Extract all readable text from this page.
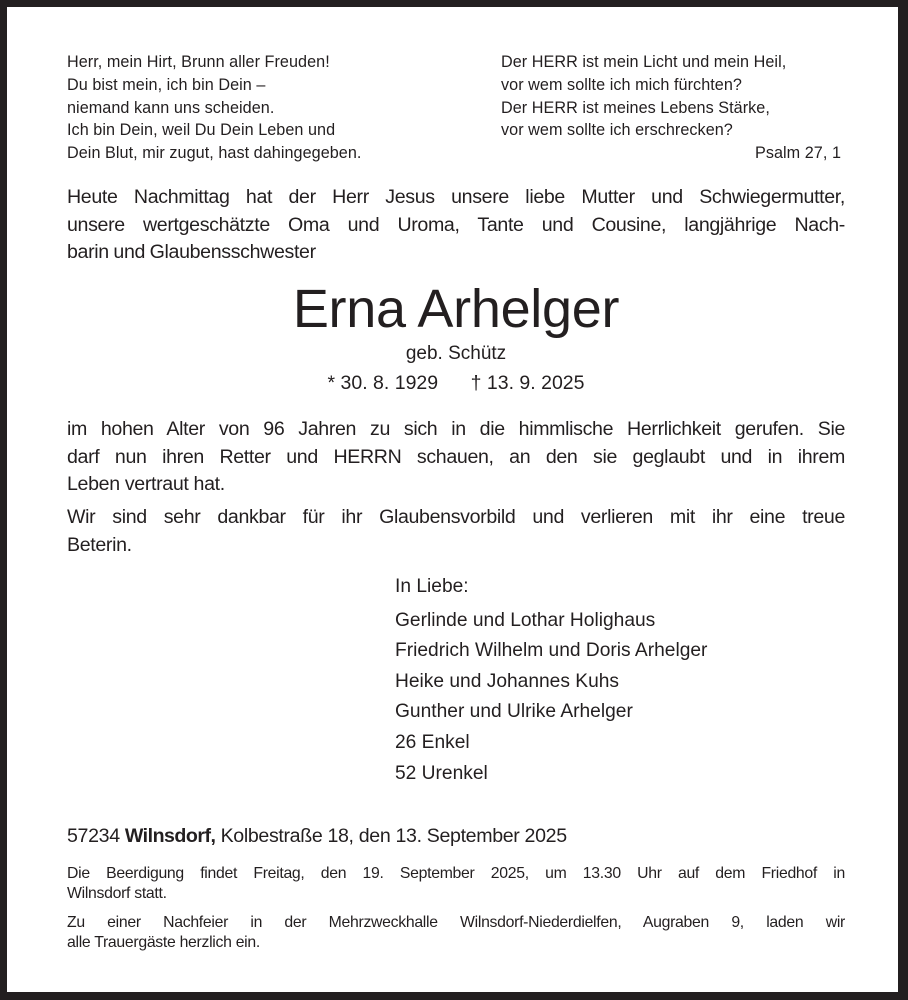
Herr, mein Hirt, Brunn aller Freuden!
Du bist mein, ich bin Dein –
niemand kann uns scheiden.
Ich bin Dein, weil Du Dein Leben und
Dein Blut, mir zugut, hast dahingegeben.
Der HERR ist mein Licht und mein Heil,
vor wem sollte ich mich fürchten?
Der HERR ist meines Lebens Stärke,
vor wem sollte ich erschrecken?
Psalm 27, 1
Heute Nachmittag hat der Herr Jesus unsere liebe Mutter und Schwiegermutter,
unsere wertgeschätzte Oma und Uroma, Tante und Cousine, langjährige Nach-
barin und Glaubensschwester
Erna Arhelger
geb. Schütz
* 30. 8. 1929 † 13. 9. 2025
im hohen Alter von 96 Jahren zu sich in die himmlische Herrlichkeit gerufen. Sie
darf nun ihren Retter und HERRN schauen, an den sie geglaubt und in ihrem
Leben vertraut hat.
Wir sind sehr dankbar für ihr Glaubensvorbild und verlieren mit ihr eine treue
Beterin.
In Liebe:
Gerlinde und Lothar Holighaus
Friedrich Wilhelm und Doris Arhelger
Heike und Johannes Kuhs
Gunther und Ulrike Arhelger
26 Enkel
52 Urenkel
57234 Wilnsdorf, Kolbestraße 18, den 13. September 2025
Die Beerdigung findet Freitag, den 19. September 2025, um 13.30 Uhr auf dem Friedhof in
Wilnsdorf statt.
Zu einer Nachfeier in der Mehrzweckhalle Wilnsdorf-Niederdielfen, Augraben 9, laden wir
alle Trauergäste herzlich ein.
